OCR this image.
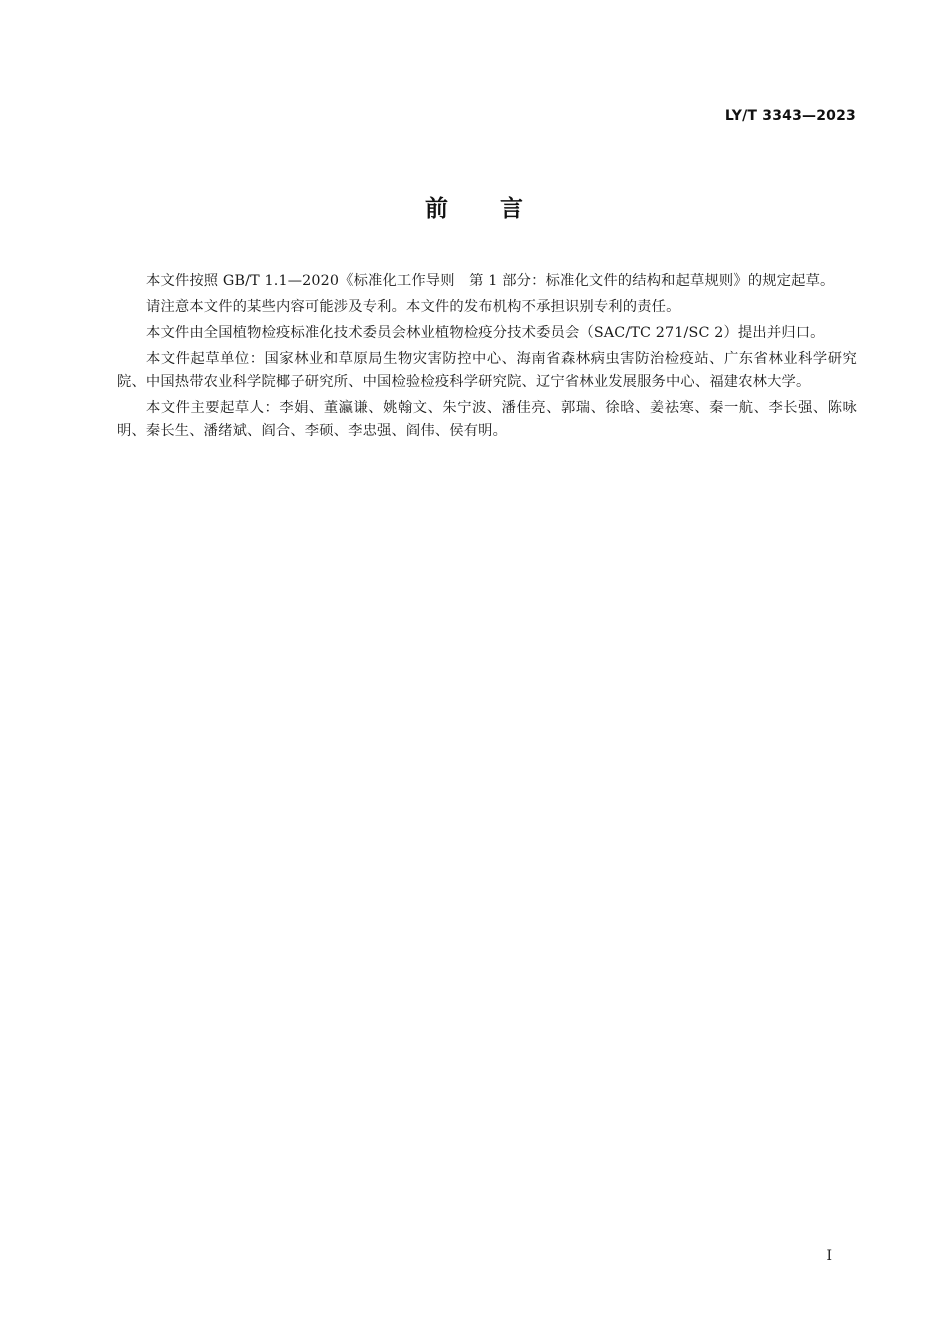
LY/T 3343—2023
前 言

本文件按照 GB/T 1.1—2020《标准化工作导则　第 1 部分：标准化文件的结构和起草规则》的规定起草。

请注意本文件的某些内容可能涉及专利。本文件的发布机构不承担识别专利的责任。

本文件由全国植物检疫标准化技术委员会林业植物检疫分技术委员会（SAC/TC 271/SC 2）提出并归口。

本文件起草单位：国家林业和草原局生物灾害防控中心、海南省森林病虫害防治检疫站、广东省林业科学研究院、中国热带农业科学院椰子研究所、中国检验检疫科学研究院、辽宁省林业发展服务中心、福建农林大学。

本文件主要起草人：李娟、董瀛谦、姚翰文、朱宁波、潘佳亮、郭瑞、徐晗、姜祛寒、秦一航、李长强、陈咏明、秦长生、潘绪斌、阎合、李硕、李忠强、阎伟、侯有明。

I
